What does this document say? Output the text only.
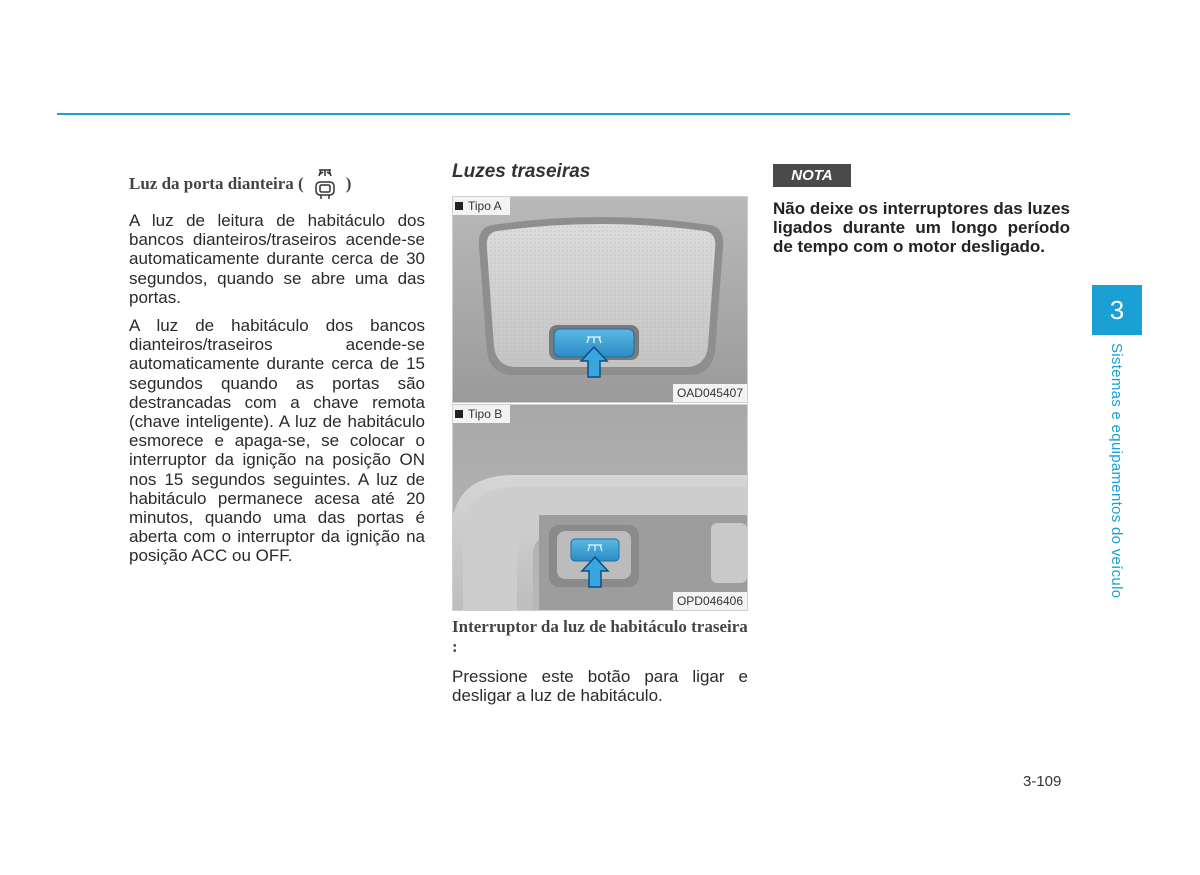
Luz da porta dianteira ( )

A luz de leitura de habitáculo dos bancos dianteiros/traseiros acende-se automaticamente durante cerca de 30 segundos, quando se abre uma das portas.

A luz de habitáculo dos bancos dianteiros/traseiros acende-se automaticamente durante cerca de 15 segundos quando as portas são destrancadas com a chave remota (chave inteligente). A luz de habitáculo esmorece e apaga-se, se colocar o interruptor da ignição na posição ON nos 15 segundos seguintes. A luz de habitáculo permanece acesa até 20 minutos, quando uma das portas é aberta com o interruptor da ignição na posição ACC ou OFF.

Luzes traseiras
Tipo A
OAD045407
Tipo B
OPD046406
Interruptor da luz de habitáculo traseira :

Pressione este botão para ligar e desligar a luz de habitáculo.

NOTA
Não deixe os interruptores das luzes ligados durante um longo período de tempo com o motor desligado.
3
Sistemas e equipamentos do veículo
3-109
